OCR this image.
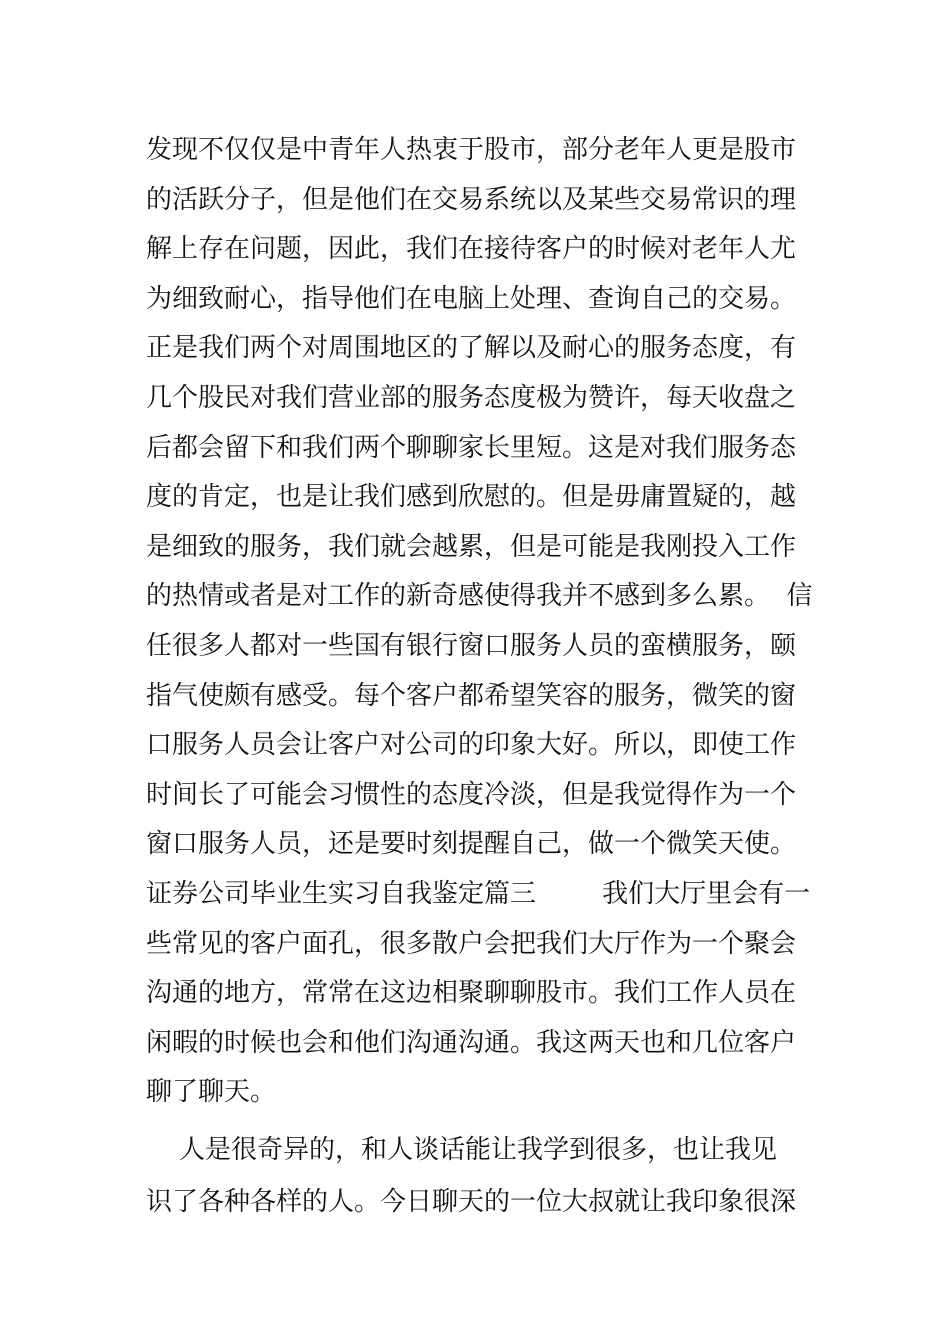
发现不仅仅是中青年人热衷于股市，部分老年人更是股市
的活跃分子，但是他们在交易系统以及某些交易常识的理
解上存在问题，因此，我们在接待客户的时候对老年人尤
为细致耐心，指导他们在电脑上处理、查询自己的交易。
正是我们两个对周围地区的了解以及耐心的服务态度，有
几个股民对我们营业部的服务态度极为赞许，每天收盘之
后都会留下和我们两个聊聊家长里短。这是对我们服务态
度的肯定，也是让我们感到欣慰的。但是毋庸置疑的，越
是细致的服务，我们就会越累，但是可能是我刚投入工作
的热情或者是对工作的新奇感使得我并不感到多么累。  信
任很多人都对一些国有银行窗口服务人员的蛮横服务，颐
指气使颇有感受。每个客户都希望笑容的服务，微笑的窗
口服务人员会让客户对公司的印象大好。所以，即使工作
时间长了可能会习惯性的态度冷淡，但是我觉得作为一个
窗口服务人员，还是要时刻提醒自己，做一个微笑天使。
证券公司毕业生实习自我鉴定篇三        我们大厅里会有一
些常见的客户面孔，很多散户会把我们大厅作为一个聚会
沟通的地方，常常在这边相聚聊聊股市。我们工作人员在
闲暇的时候也会和他们沟通沟通。我这两天也和几位客户
聊了聊天。
人是很奇异的，和人谈话能让我学到很多，也让我见
识了各种各样的人。今日聊天的一位大叔就让我印象很深
